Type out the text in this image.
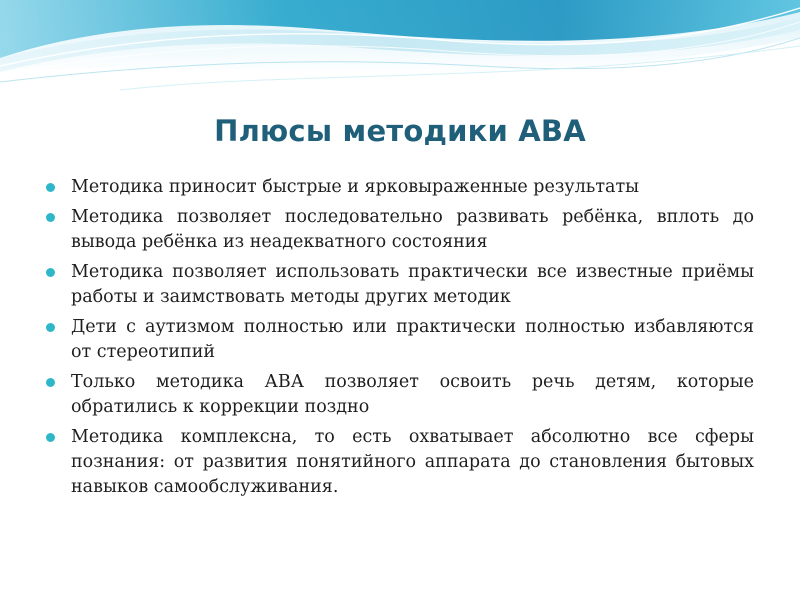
Плюсы методики АВА
Методика приносит быстрые и ярковыраженные результаты
Методика позволяет последовательно развивать ребёнка, вплоть до вывода ребёнка из неадекватного состояния
Методика позволяет использовать практически все известные приёмы работы и заимствовать методы других методик
Дети с аутизмом полностью или практически полностью избавляются от стереотипий
Только методика АВА позволяет освоить речь детям, которые обратились к коррекции поздно
Методика комплексна, то есть охватывает абсолютно все сферы познания: от развития понятийного аппарата до становления бытовых навыков самообслуживания.
